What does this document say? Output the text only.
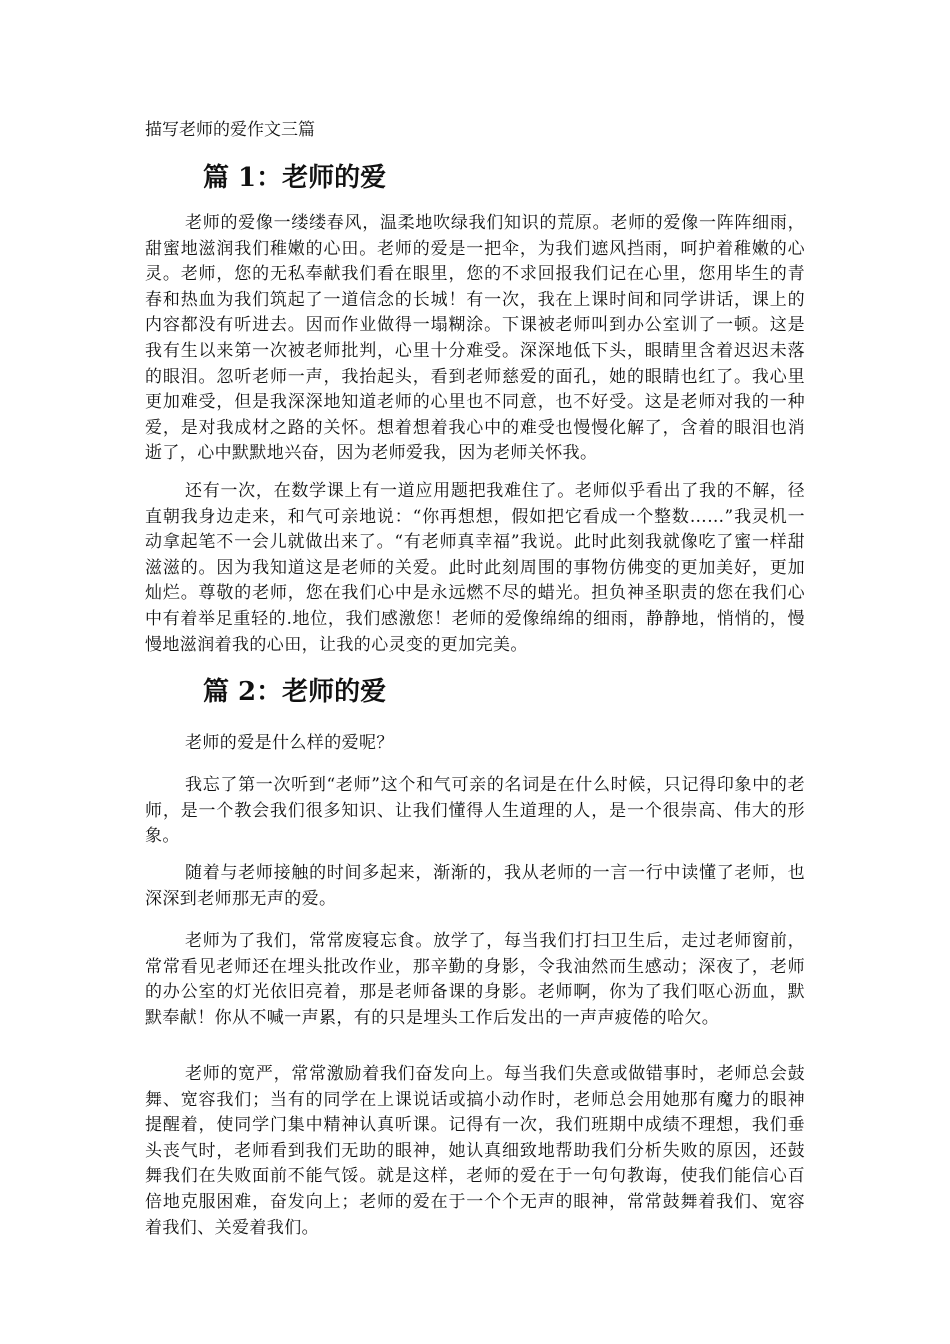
描写老师的爱作文三篇
篇 1：老师的爱

老师的爱像一缕缕春风，温柔地吹绿我们知识的荒原。老师的爱像一阵阵细雨，甜蜜地滋润我们稚嫩的心田。老师的爱是一把伞，为我们遮风挡雨，呵护着稚嫩的心灵。老师，您的无私奉献我们看在眼里，您的不求回报我们记在心里，您用毕生的青春和热血为我们筑起了一道信念的长城！有一次，我在上课时间和同学讲话，课上的内容都没有听进去。因而作业做得一塌糊涂。下课被老师叫到办公室训了一顿。这是我有生以来第一次被老师批判，心里十分难受。深深地低下头，眼睛里含着迟迟未落的眼泪。忽听老师一声，我抬起头，看到老师慈爱的面孔，她的眼睛也红了。我心里更加难受，但是我深深地知道老师的心里也不同意，也不好受。这是老师对我的一种爱，是对我成材之路的关怀。想着想着我心中的难受也慢慢化解了，含着的眼泪也消逝了，心中默默地兴奋，因为老师爱我，因为老师关怀我。

还有一次，在数学课上有一道应用题把我难住了。老师似乎看出了我的不解，径直朝我身边走来，和气可亲地说：“你再想想，假如把它看成一个整数……”我灵机一动拿起笔不一会儿就做出来了。“有老师真幸福”我说。此时此刻我就像吃了蜜一样甜滋滋的。因为我知道这是老师的关爱。此时此刻周围的事物仿佛变的更加美好，更加灿烂。尊敬的老师，您在我们心中是永远燃不尽的蜡光。担负神圣职责的您在我们心中有着举足重轻的.地位，我们感激您！老师的爱像绵绵的细雨，静静地，悄悄的，慢慢地滋润着我的心田，让我的心灵变的更加完美。

篇 2：老师的爱

老师的爱是什么样的爱呢？

我忘了第一次听到“老师”这个和气可亲的名词是在什么时候，只记得印象中的老师，是一个教会我们很多知识、让我们懂得人生道理的人，是一个很崇高、伟大的形象。

随着与老师接触的时间多起来，渐渐的，我从老师的一言一行中读懂了老师，也深深到老师那无声的爱。

老师为了我们，常常废寝忘食。放学了，每当我们打扫卫生后，走过老师窗前，常常看见老师还在埋头批改作业，那辛勤的身影，令我油然而生感动；深夜了，老师的办公室的灯光依旧亮着，那是老师备课的身影。老师啊，你为了我们呕心沥血，默默奉献！你从不喊一声累，有的只是埋头工作后发出的一声声疲倦的哈欠。

老师的宽严，常常激励着我们奋发向上。每当我们失意或做错事时，老师总会鼓舞、宽容我们；当有的同学在上课说话或搞小动作时，老师总会用她那有魔力的眼神提醒着，使同学门集中精神认真听课。记得有一次，我们班期中成绩不理想，我们垂头丧气时，老师看到我们无助的眼神，她认真细致地帮助我们分析失败的原因，还鼓舞我们在失败面前不能气馁。就是这样，老师的爱在于一句句教诲，使我们能信心百倍地克服困难，奋发向上；老师的爱在于一个个无声的眼神，常常鼓舞着我们、宽容着我们、关爱着我们。
